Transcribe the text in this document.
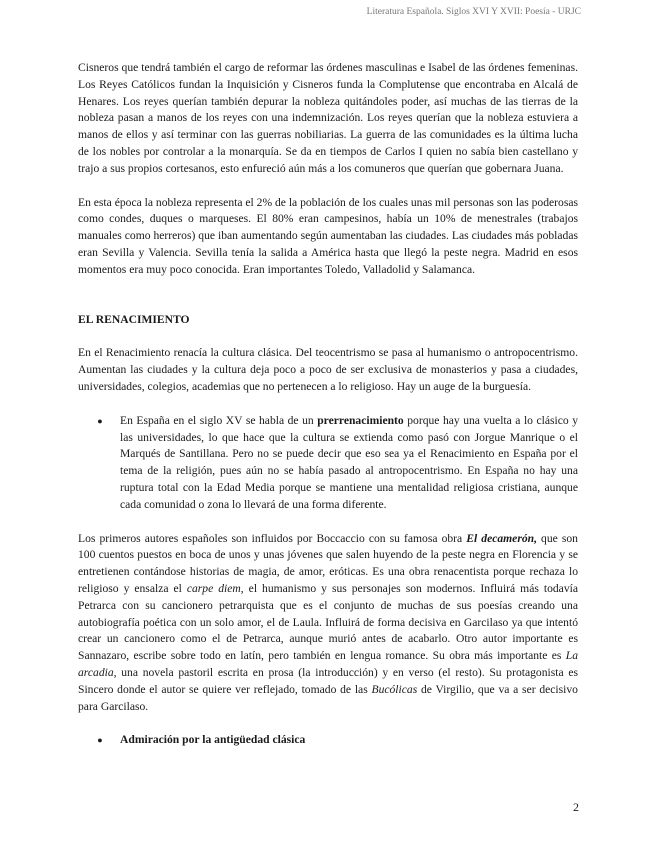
Literatura Española. Siglos XVI Y XVII: Poesía - URJC

Cisneros que tendrá también el cargo de reformar las órdenes masculinas e Isabel de las órdenes femeninas. Los Reyes Católicos fundan la Inquisición y Cisneros funda la Complutense que encontraba en Alcalá de Henares. Los reyes querían también depurar la nobleza quitándoles poder, así muchas de las tierras de la nobleza pasan a manos de los reyes con una indemnización. Los reyes querían que la nobleza estuviera a manos de ellos y así terminar con las guerras nobiliarias. La guerra de las comunidades es la última lucha de los nobles por controlar a la monarquía. Se da en tiempos de Carlos I quien no sabía bien castellano y trajo a sus propios cortesanos, esto enfureció aún más a los comuneros que querían que gobernara Juana.

En esta época la nobleza representa el 2% de la población de los cuales unas mil personas son las poderosas como condes, duques o marqueses. El 80% eran campesinos, había un 10% de menestrales (trabajos manuales como herreros) que iban aumentando según aumentaban las ciudades. Las ciudades más pobladas eran Sevilla y Valencia. Sevilla tenía la salida a América hasta que llegó la peste negra. Madrid en esos momentos era muy poco conocida. Eran importantes Toledo, Valladolid y Salamanca.

EL RENACIMIENTO

En el Renacimiento renacía la cultura clásica. Del teocentrismo se pasa al humanismo o antropocentrismo. Aumentan las ciudades y la cultura deja poco a poco de ser exclusiva de monasterios y pasa a ciudades, universidades, colegios, academias que no pertenecen a lo religioso. Hay un auge de la burguesía.

●	En España en el siglo XV se habla de un prerrenacimiento porque hay una vuelta a lo clásico y las universidades, lo que hace que la cultura se extienda como pasó con Jorgue Manrique o el Marqués de Santillana. Pero no se puede decir que eso sea ya el Renacimiento en España por el tema de la religión, pues aún no se había pasado al antropocentrismo. En España no hay una ruptura total con la Edad Media porque se mantiene una mentalidad religiosa cristiana, aunque cada comunidad o zona lo llevará de una forma diferente.

Los primeros autores españoles son influidos por Boccaccio con su famosa obra El decamerón, que son 100 cuentos puestos en boca de unos y unas jóvenes que salen huyendo de la peste negra en Florencia y se entretienen contándose historias de magia, de amor, eróticas. Es una obra renacentista porque rechaza lo religioso y ensalza el carpe diem, el humanismo y sus personajes son modernos. Influirá más todavía Petrarca con su cancionero petrarquista que es el conjunto de muchas de sus poesías creando una autobiografía poética con un solo amor, el de Laula. Influirá de forma decisiva en Garcilaso ya que intentó crear un cancionero como el de Petrarca, aunque murió antes de acabarlo. Otro autor importante es Sannazaro, escribe sobre todo en latín, pero también en lengua romance. Su obra más importante es La arcadia, una novela pastoril escrita en prosa (la introducción) y en verso (el resto). Su protagonista es Sincero donde el autor se quiere ver reflejado, tomado de las Bucólicas de Virgilio, que va a ser decisivo para Garcilaso.

●	Admiración por la antigüedad clásica

2
